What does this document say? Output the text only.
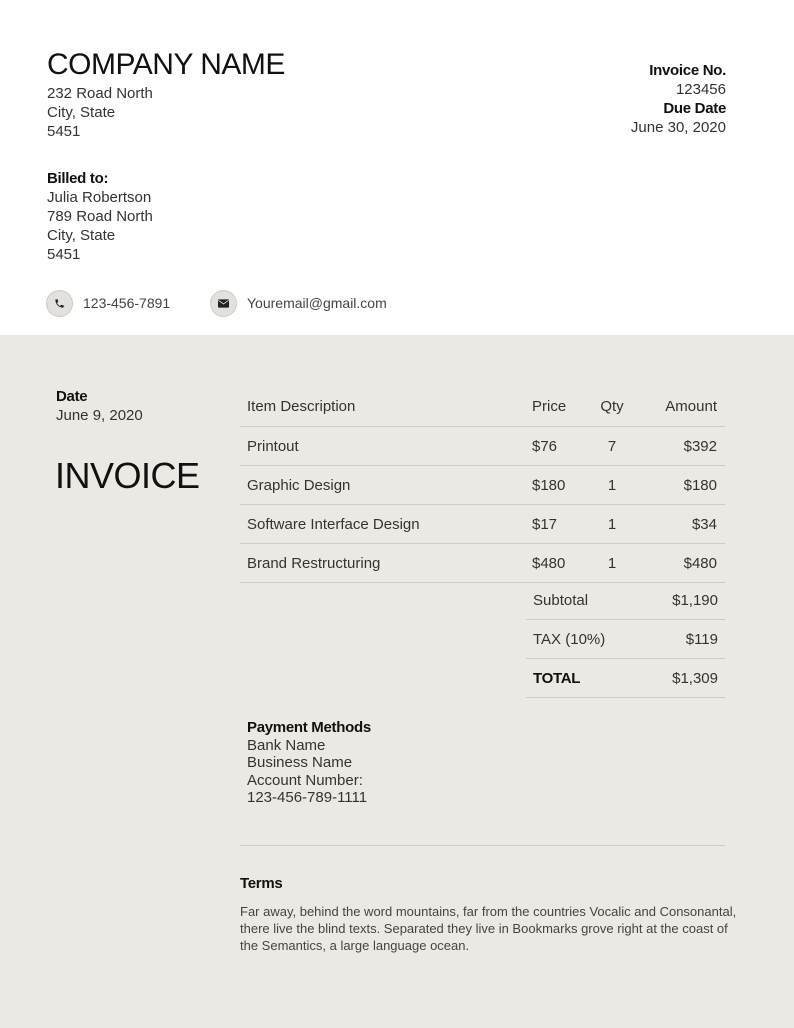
COMPANY NAME
232 Road North
City, State
5451
Invoice No.
123456
Due Date
June 30, 2020
Billed to:
Julia Robertson
789 Road North
City, State
5451
123-456-7891	Youremail@gmail.com
Date
June 9, 2020
INVOICE
Item Description	Price	Qty	Amount
Printout	$76	7	$392
Graphic Design	$180	1	$180
Software Interface Design	$17	1	$34
Brand Restructuring	$480	1	$480
Subtotal	$1,190
TAX (10%)	$119
TOTAL	$1,309
Payment Methods
Bank Name
Business Name
Account Number:
123-456-789-1111
Terms
Far away, behind the word mountains, far from the countries Vocalic and Consonantal, there live the blind texts. Separated they live in Bookmarks grove right at the coast of the Semantics, a large language ocean.
